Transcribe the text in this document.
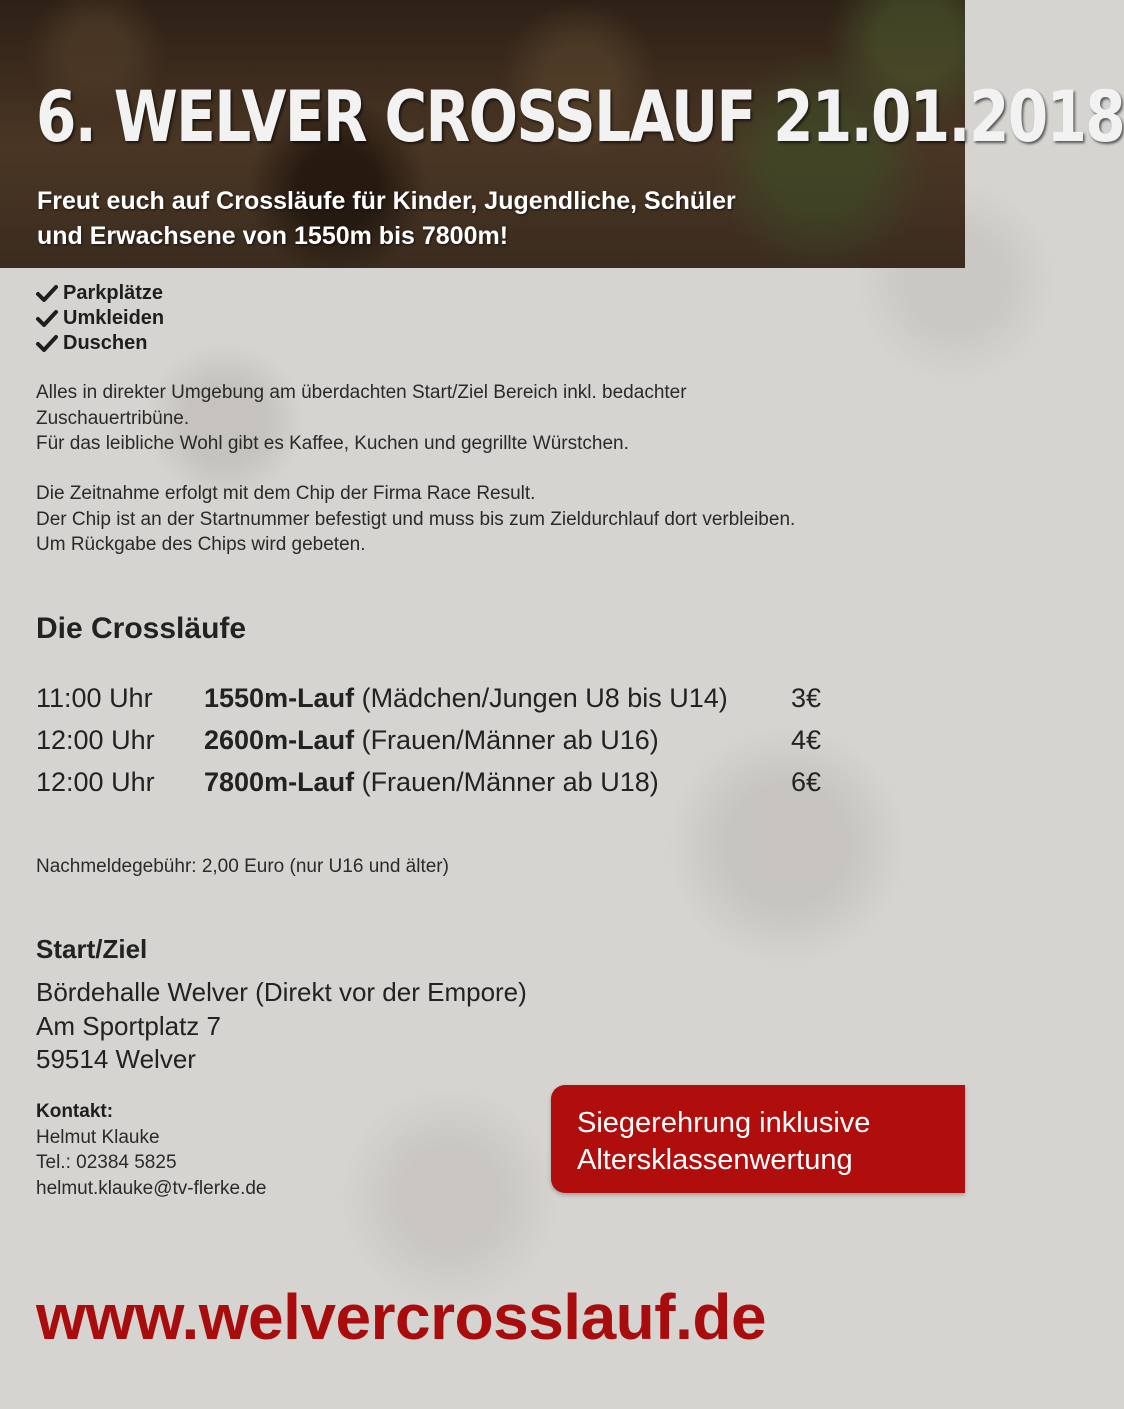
6. WELVER CROSSLAUF 21.01.2018
Freut euch auf Crossläufe für Kinder, Jugendliche, Schüler
und Erwachsene von 1550m bis 7800m!
Parkplätze
Umkleiden
Duschen
Alles in direkter Umgebung am überdachten Start/Ziel Bereich inkl. bedachter
Zuschauertribüne.
Für das leibliche Wohl gibt es Kaffee, Kuchen und gegrillte Würstchen.
Die Zeitnahme erfolgt mit dem Chip der Firma Race Result.
Der Chip ist an der Startnummer befestigt und muss bis zum Zieldurchlauf dort verbleiben.
Um Rückgabe des Chips wird gebeten.
Die Crossläufe
11:00 Uhr	1550m-Lauf (Mädchen/Jungen U8 bis U14)	3€
12:00 Uhr	2600m-Lauf (Frauen/Männer ab U16)	4€
12:00 Uhr	7800m-Lauf (Frauen/Männer ab U18)	6€
Nachmeldegebühr: 2,00 Euro (nur U16 und älter)
Start/Ziel
Bördehalle Welver (Direkt vor der Empore)
Am Sportplatz 7
59514 Welver
Kontakt:
Helmut Klauke
Tel.: 02384 5825
helmut.klauke@tv-flerke.de
Siegerehrung inklusive
Altersklassenwertung
www.welvercrosslauf.de
